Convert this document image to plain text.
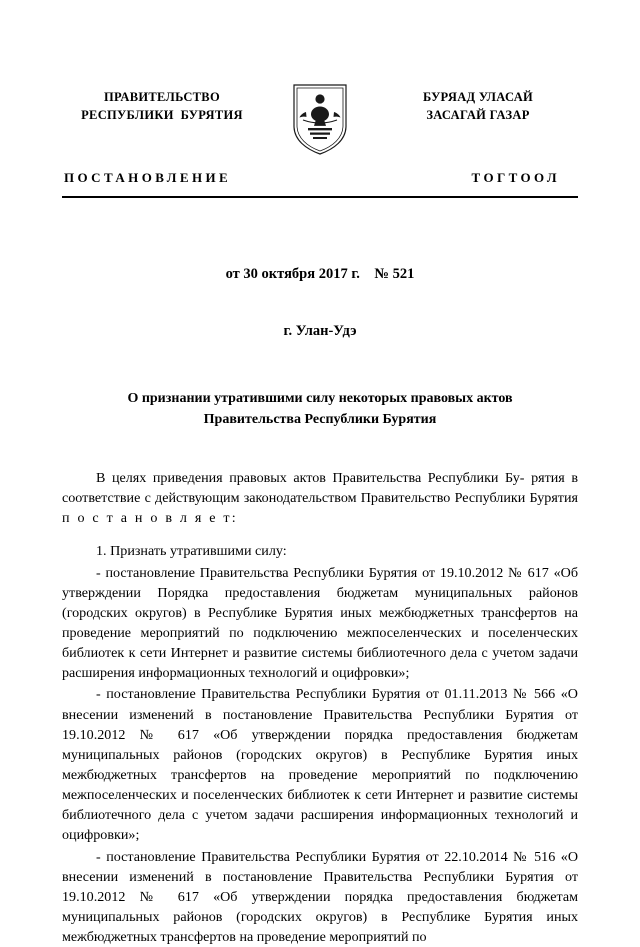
ПРАВИТЕЛЬСТВО
РЕСПУБЛИКИ  БУРЯТИЯ
БУРЯАД УЛАСАЙ
ЗАСАГАЙ ГАЗАР
ПОСТАНОВЛЕНИЕ	ТОГТООЛ
от 30 октября 2017 г.    № 521
г. Улан-Удэ
О признании утратившими силу некоторых правовых актов
Правительства Республики Бурятия

В целях приведения правовых актов Правительства Республики Бу- рятия в соответствие с действующим законодательством Правительство Республики Бурятия п о с т а н о в л я е т:

1. Признать утратившими силу:

- постановление Правительства Республики Бурятия от 19.10.2012 № 617 «Об утверждении Порядка предоставления бюджетам муниципальных районов (городских округов) в Республике Бурятия иных межбюджетных трансфертов на проведение мероприятий по подключению межпоселенческих и поселенческих библиотек к сети Интернет и развитие системы библиотечного дела с учетом задачи расширения информационных технологий и оцифровки»;

- постановление Правительства Республики Бурятия от 01.11.2013 № 566 «О внесении изменений в постановление Правительства Республики Бурятия от 19.10.2012 № 617 «Об утверждении порядка предоставления бюджетам муниципальных районов (городских округов) в Республике Бурятия иных межбюджетных трансфертов на проведение мероприятий по подключению межпоселенческих и поселенческих библиотек к сети Интернет и развитие системы библиотечного дела с учетом задачи расширения информационных технологий и оцифровки»;

- постановление Правительства Республики Бурятия от 22.10.2014 № 516 «О внесении изменений в постановление Правительства Республики Бурятия от 19.10.2012 № 617 «Об утверждении порядка предоставления бюджетам муниципальных районов (городских округов) в Республике Бурятия иных межбюджетных трансфертов на проведение мероприятий по
